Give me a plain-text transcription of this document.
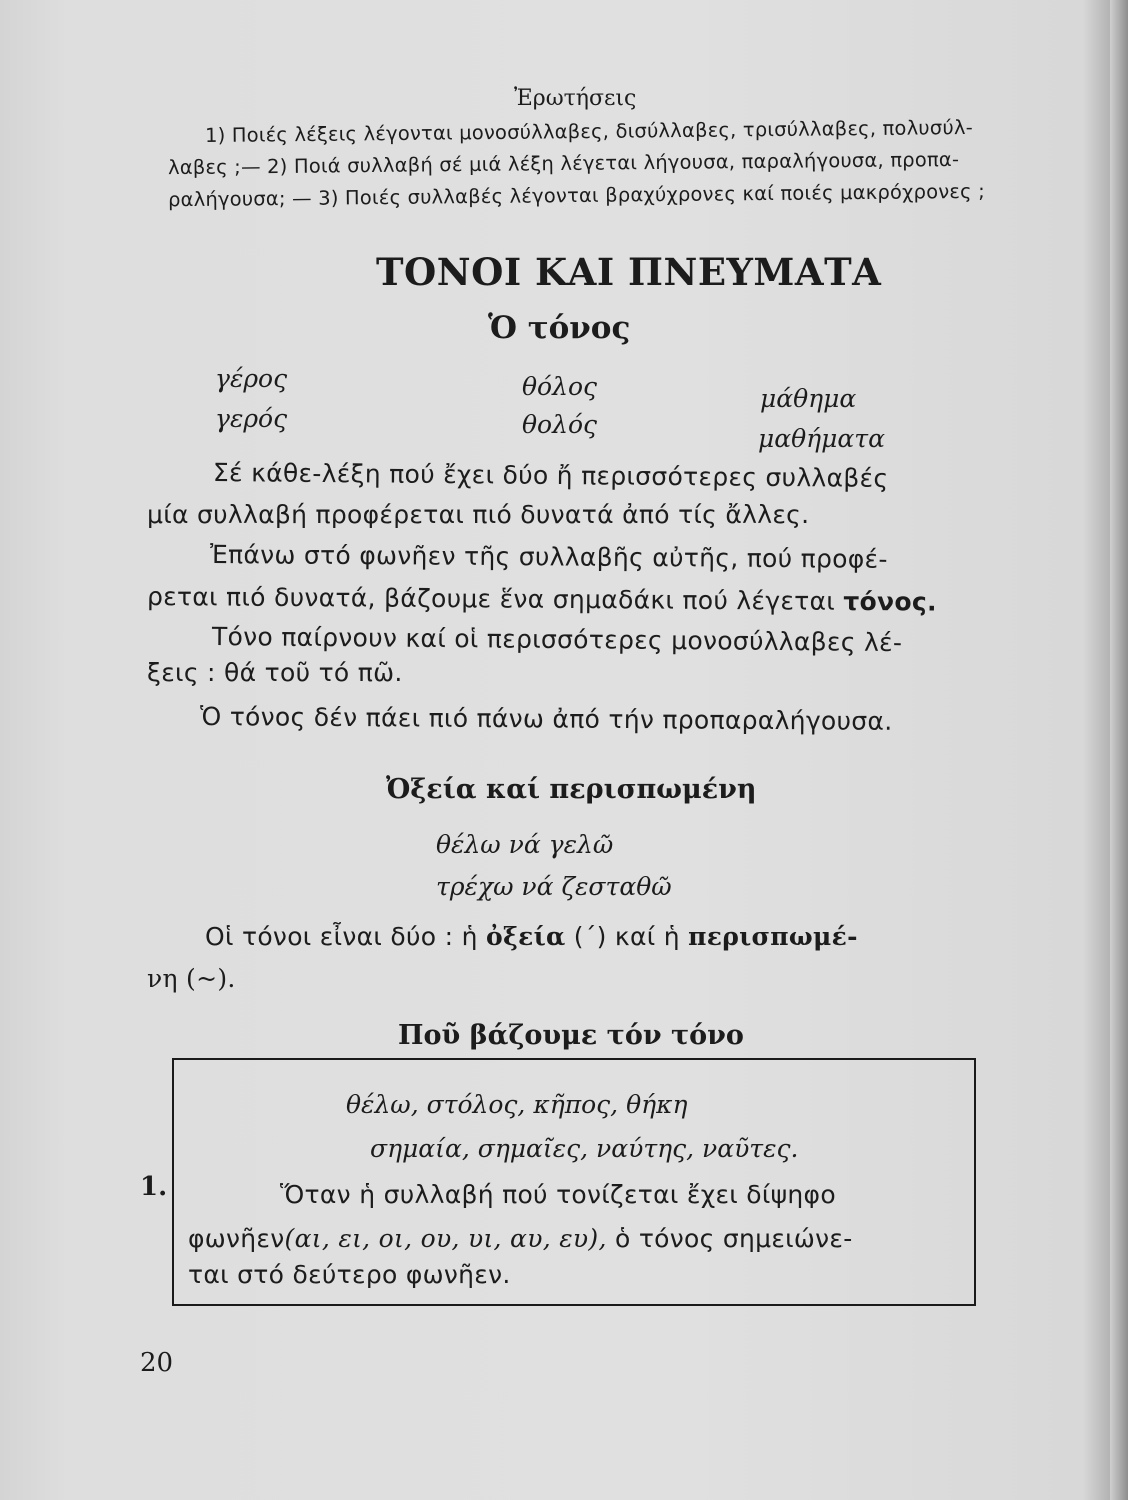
Ἐρωτήσεις
1) Ποιές λέξεις λέγονται μονοσύλλαβες, δισύλλαβες, τρισύλλαβες, πολυσύλ-
λαβες ;— 2) Ποιά συλλαβή σέ μιά λέξη λέγεται λήγουσα, παραλήγουσα, προπα-
ραλήγουσα; — 3) Ποιές συλλαβές λέγονται βραχύχρονες καί ποιές μακρόχρονες ;
ΤΟΝΟΙ ΚΑΙ ΠΝΕΥΜΑΤΑ
Ὁ τόνος
γέρος
γερός
θόλος
θολός
μάθημα
μαθήματα
Σέ κάθε-λέξη πού ἔχει δύο ἤ περισσότερες συλλαβές
μία συλλαβή προφέρεται πιό δυνατά ἀπό τίς ἄλλες.
Ἐπάνω στό φωνῆεν τῆς συλλαβῆς αὐτῆς, πού προφέ-
ρεται πιό δυνατά, βάζουμε ἕνα σημαδάκι πού λέγεται τόνος.
Τόνο παίρνουν καί οἱ περισσότερες μονοσύλλαβες λέ-
ξεις : θά τοῦ τό πῶ.
Ὁ τόνος δέν πάει πιό πάνω ἀπό τήν προπαραλήγουσα.
Ὀξεία καί περισπωμένη
θέλω νά γελῶ
τρέχω νά ζεσταθῶ
Οἱ τόνοι εἶναι δύο : ἡ ὀξεία (΄) καί ἡ περισπωμέ-
νη (~).
Ποῦ βάζουμε τόν τόνο
θέλω, στόλος, κῆπος, θήκη
σημαία, σημαῖες, ναύτης, ναῦτες.
1.	Ὅταν ἡ συλλαβή πού τονίζεται ἔχει δίψηφο
φωνῆεν(αι, ει, οι, ου, υι, αυ, ευ), ὁ τόνος σημειώνε-
ται στό δεύτερο φωνῆεν.
20
